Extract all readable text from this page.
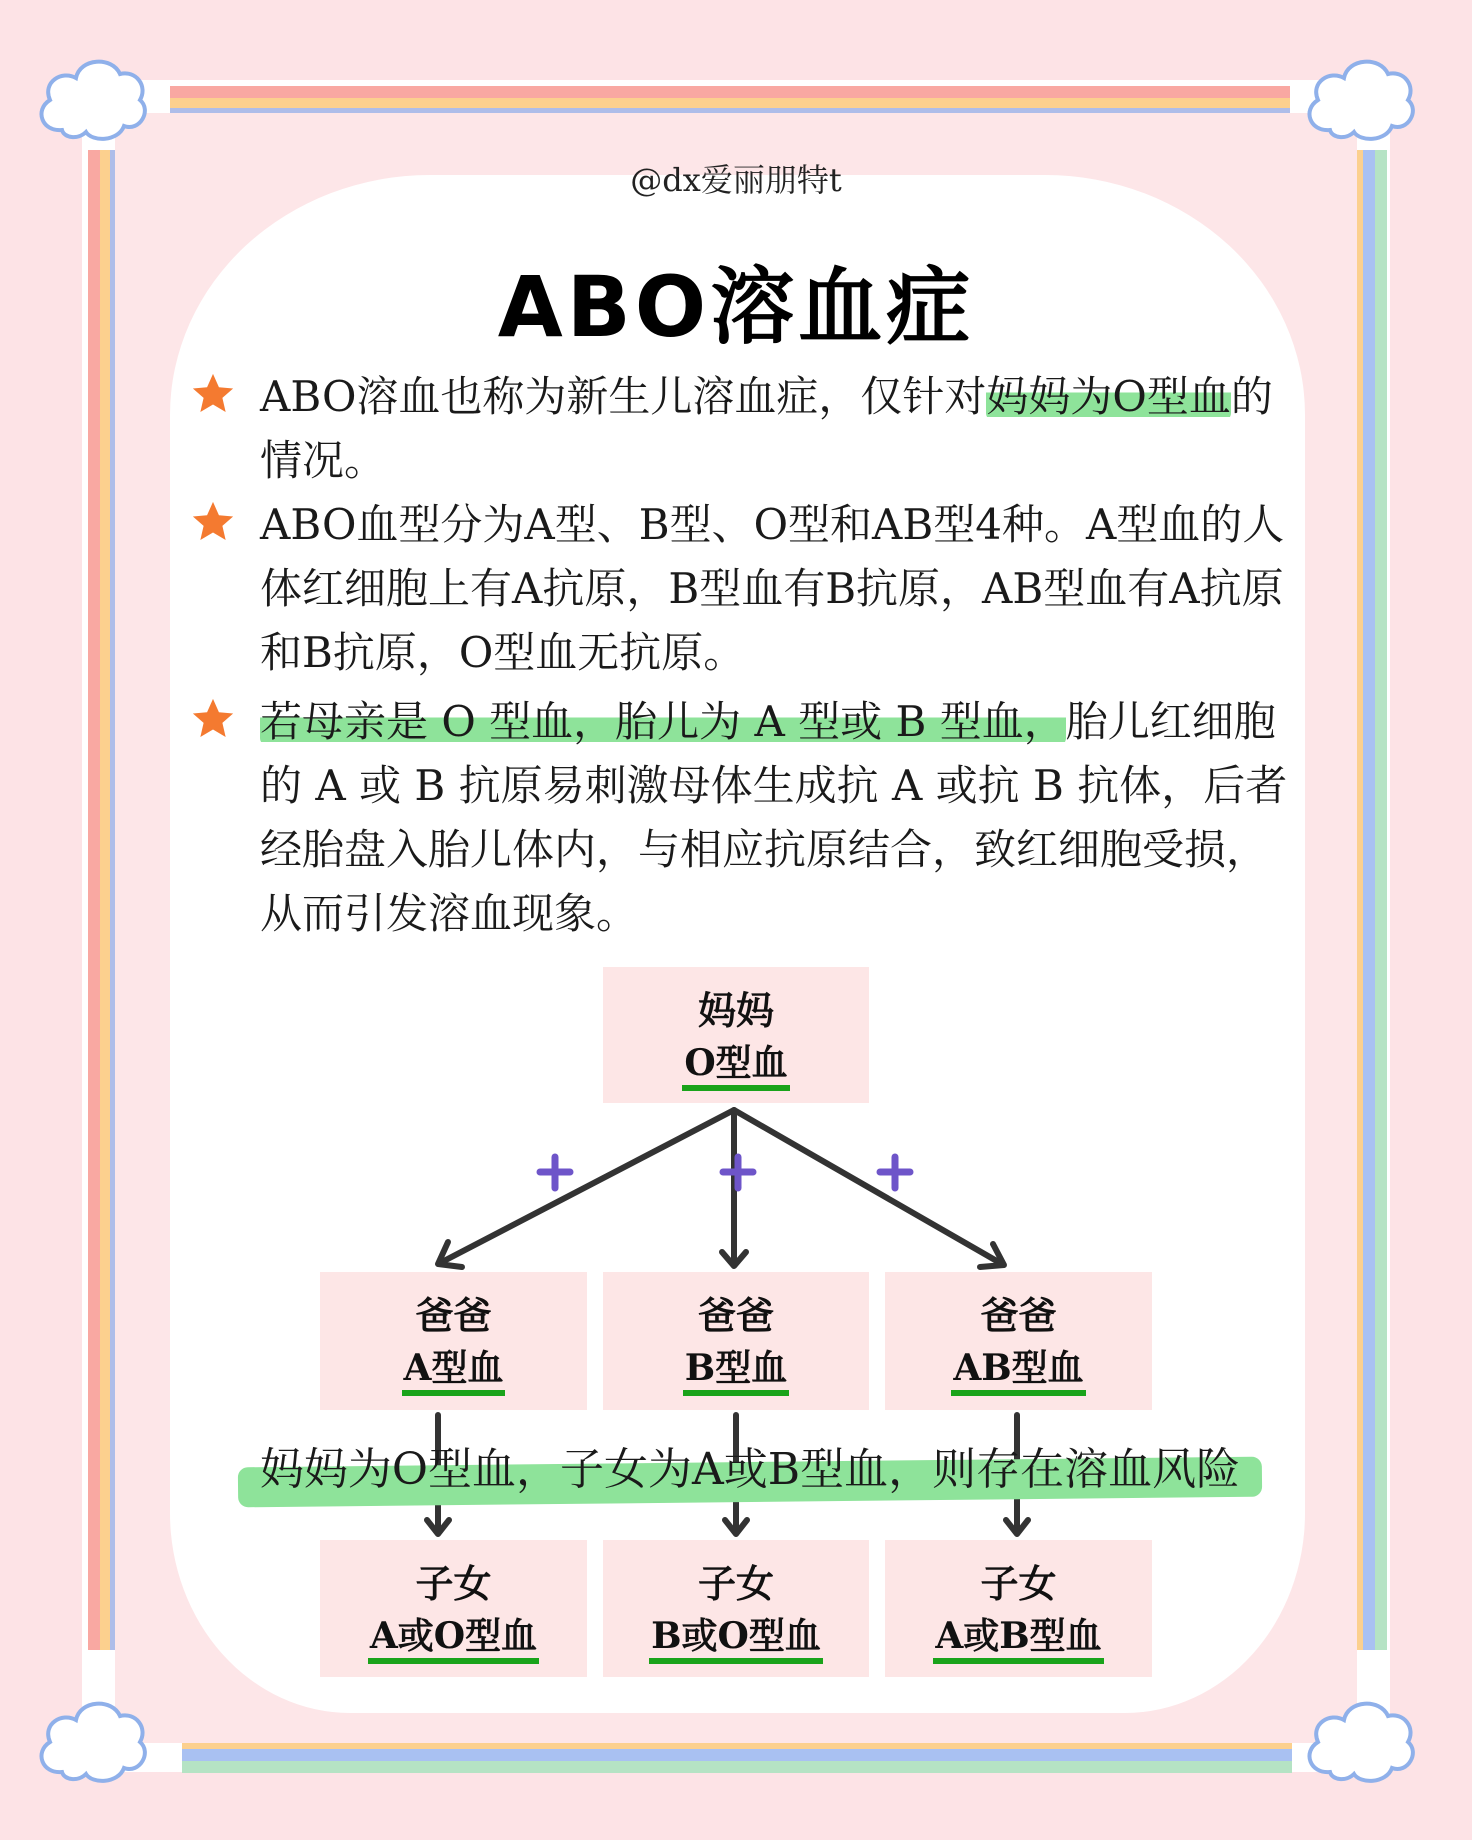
@dx爱丽朋特t
ABO溶血症
ABO溶血也称为新生儿溶血症，仅针对妈妈为O型血的情况。
ABO血型分为A型、B型、O型和AB型4种。A型血的人体红细胞上有A抗原，B型血有B抗原，AB型血有A抗原和B抗原，O型血无抗原。
若母亲是 O 型血，胎儿为 A 型或 B 型血，胎儿红细胞的 A 或 B 抗原易刺激母体生成抗 A 或抗 B 抗体，后者经胎盘入胎儿体内，与相应抗原结合，致红细胞受损，从而引发溶血现象。
妈妈
O型血
爸爸
A型血
爸爸
B型血
爸爸
AB型血
妈妈为O型血，子女为A或B型血，则存在溶血风险
子女
A或O型血
子女
B或O型血
子女
A或B型血
